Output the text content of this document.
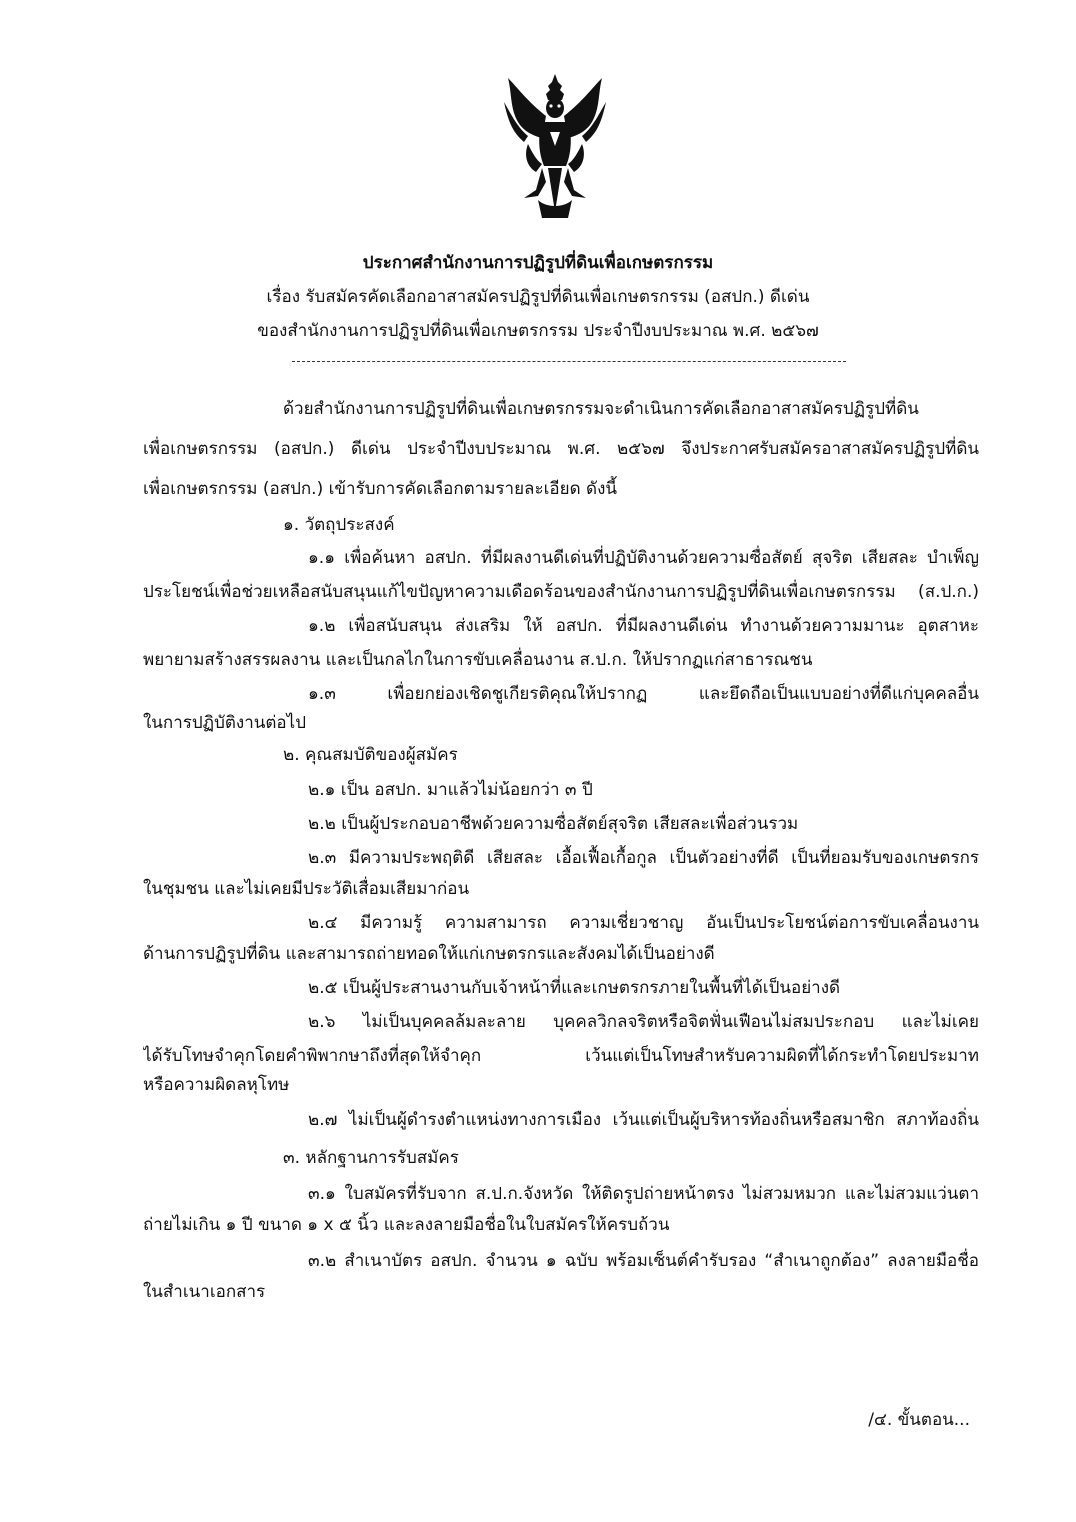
ประกาศสำนักงานการปฏิรูปที่ดินเพื่อเกษตรกรรม
เรื่อง รับสมัครคัดเลือกอาสาสมัครปฏิรูปที่ดินเพื่อเกษตรกรรม (อสปก.) ดีเด่น
ของสำนักงานการปฏิรูปที่ดินเพื่อเกษตรกรรม ประจำปีงบประมาณ พ.ศ. ๒๕๖๗
ด้วยสำนักงานการปฏิรูปที่ดินเพื่อเกษตรกรรมจะดำเนินการคัดเลือกอาสาสมัครปฏิรูปที่ดิน
เพื่อเกษตรกรรม (อสปก.) ดีเด่น ประจำปีงบประมาณ พ.ศ. ๒๕๖๗ จึงประกาศรับสมัครอาสาสมัครปฏิรูปที่ดิน
เพื่อเกษตรกรรม (อสปก.) เข้ารับการคัดเลือกตามรายละเอียด ดังนี้
๑. วัตถุประสงค์
๑.๑ เพื่อค้นหา อสปก. ที่มีผลงานดีเด่นที่ปฏิบัติงานด้วยความซื่อสัตย์ สุจริต เสียสละ บำเพ็ญ
ประโยชน์เพื่อช่วยเหลือสนับสนุนแก้ไขปัญหาความเดือดร้อนของสำนักงานการปฏิรูปที่ดินเพื่อเกษตรกรรม (ส.ป.ก.)
๑.๒ เพื่อสนับสนุน ส่งเสริม ให้ อสปก. ที่มีผลงานดีเด่น ทำงานด้วยความมานะ อุตสาหะ
พยายามสร้างสรรผลงาน และเป็นกลไกในการขับเคลื่อนงาน ส.ป.ก. ให้ปรากฏแก่สาธารณชน
๑.๓ เพื่อยกย่องเชิดชูเกียรติคุณให้ปรากฏ และยึดถือเป็นแบบอย่างที่ดีแก่บุคคลอื่น
ในการปฏิบัติงานต่อไป
๒. คุณสมบัติของผู้สมัคร
๒.๑ เป็น อสปก. มาแล้วไม่น้อยกว่า ๓ ปี
๒.๒ เป็นผู้ประกอบอาชีพด้วยความซื่อสัตย์สุจริต เสียสละเพื่อส่วนรวม
๒.๓ มีความประพฤติดี เสียสละ เอื้อเฟื้อเกื้อกูล เป็นตัวอย่างที่ดี เป็นที่ยอมรับของเกษตรกร
ในชุมชน และไม่เคยมีประวัติเสื่อมเสียมาก่อน
๒.๔ มีความรู้ ความสามารถ ความเชี่ยวชาญ อันเป็นประโยชน์ต่อการขับเคลื่อนงาน
ด้านการปฏิรูปที่ดิน และสามารถถ่ายทอดให้แก่เกษตรกรและสังคมได้เป็นอย่างดี
๒.๕ เป็นผู้ประสานงานกับเจ้าหน้าที่และเกษตรกรภายในพื้นที่ได้เป็นอย่างดี
๒.๖ ไม่เป็นบุคคลล้มละลาย บุคคลวิกลจริตหรือจิตฟั่นเฟือนไม่สมประกอบ และไม่เคย
ได้รับโทษจำคุกโดยคำพิพากษาถึงที่สุดให้จำคุก เว้นแต่เป็นโทษสำหรับความผิดที่ได้กระทำโดยประมาท
หรือความผิดลหุโทษ
๒.๗ ไม่เป็นผู้ดำรงตำแหน่งทางการเมือง เว้นแต่เป็นผู้บริหารท้องถิ่นหรือสมาชิก สภาท้องถิ่น
๓. หลักฐานการรับสมัคร
๓.๑ ใบสมัครที่รับจาก ส.ป.ก.จังหวัด ให้ติดรูปถ่ายหน้าตรง ไม่สวมหมวก และไม่สวมแว่นตา
ถ่ายไม่เกิน ๑ ปี ขนาด ๑ x ๕ นิ้ว และลงลายมือชื่อในใบสมัครให้ครบถ้วน
๓.๒ สำเนาบัตร อสปก. จำนวน ๑ ฉบับ พร้อมเซ็นต์คำรับรอง “สำเนาถูกต้อง” ลงลายมือชื่อ
ในสำเนาเอกสาร
/๔. ขั้นตอน...
